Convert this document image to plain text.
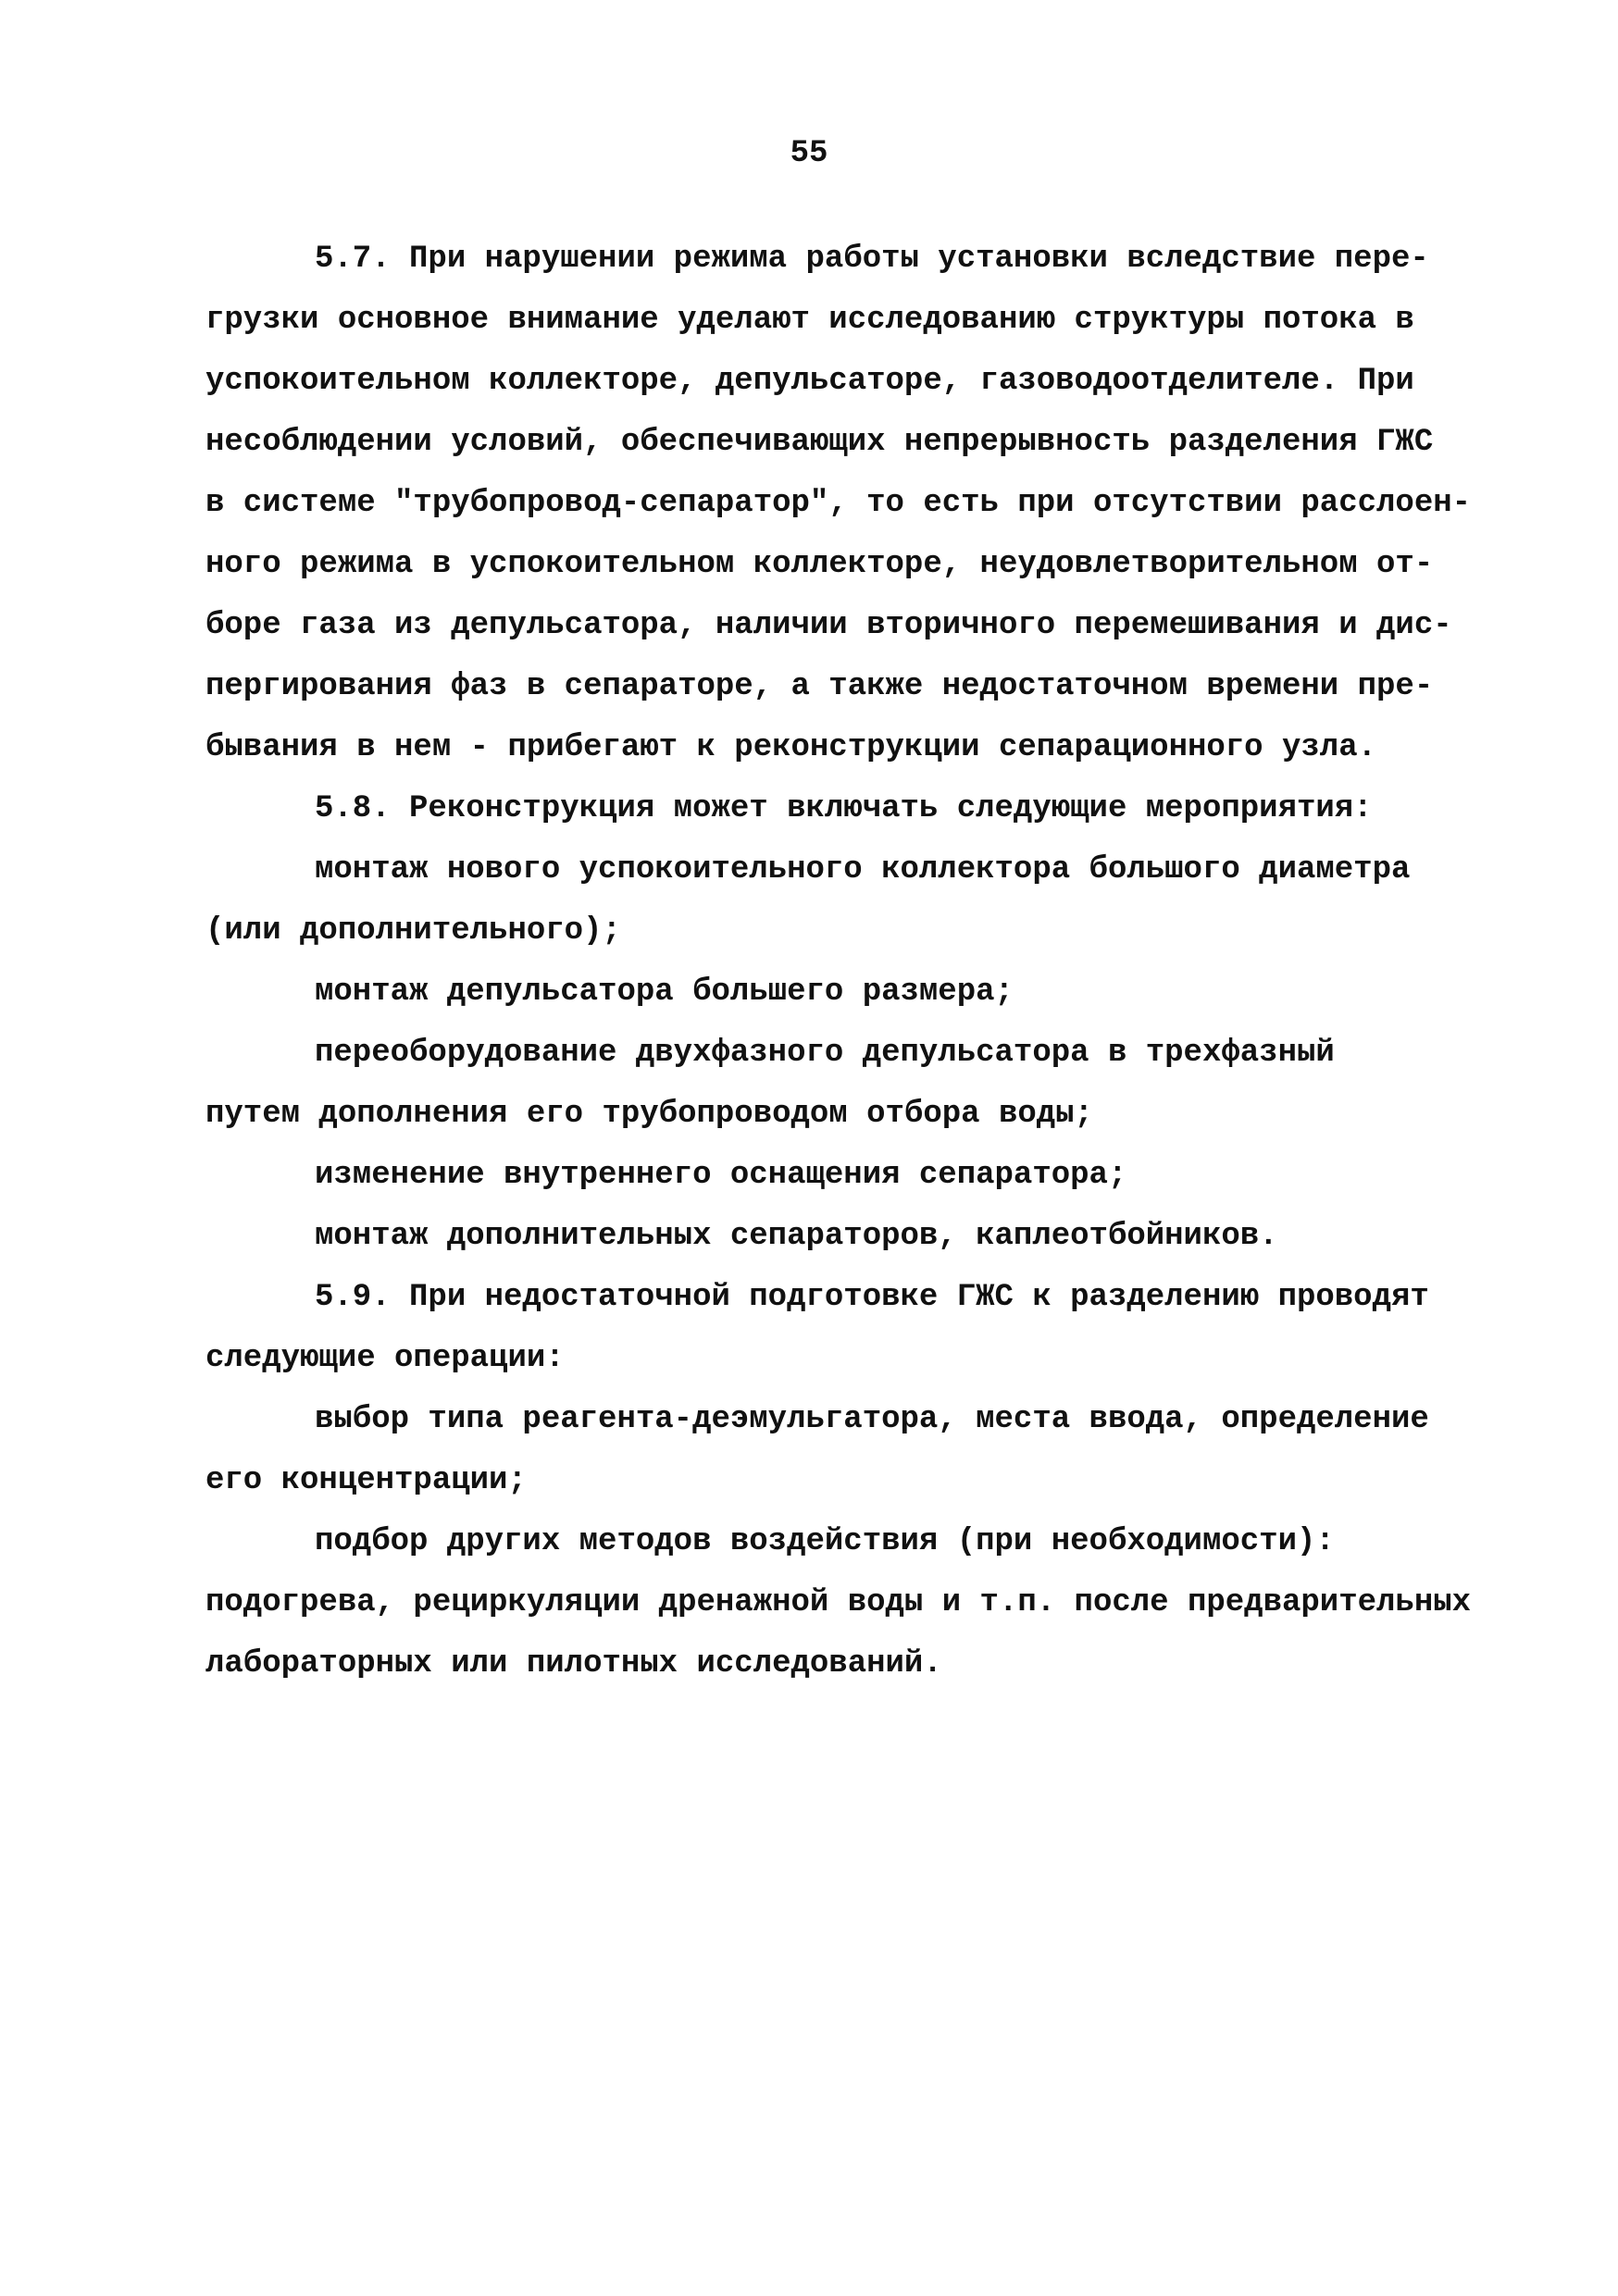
55
5.7. При нарушении режима работы установки вследствие пере-
грузки основное внимание уделают исследованию структуры потока в
успокоительном коллекторе, депульсаторе, газоводоотделителе. При
несоблюдении условий, обеспечивающих непрерывность разделения ГЖС
в системе "трубопровод-сепаратор", то есть при отсутствии расслоен-
ного режима в успокоительном коллекторе, неудовлетворительном от-
боре газа из депульсатора, наличии вторичного перемешивания и дис-
пергирования фаз в сепараторе, а также недостаточном времени пре-
бывания в нем - прибегают к реконструкции сепарационного узла.
5.8. Реконструкция может включать следующие мероприятия:
монтаж нового успокоительного коллектора большого диаметра
(или дополнительного);
монтаж депульсатора большего размера;
переоборудование двухфазного депульсатора в трехфазный
путем дополнения его трубопроводом отбора воды;
изменение внутреннего оснащения сепаратора;
монтаж дополнительных сепараторов, каплеотбойников.
5.9. При недостаточной подготовке ГЖС к разделению проводят
следующие операции:
выбор типа реагента-деэмульгатора, места ввода, определение
его концентрации;
подбор других методов воздействия (при необходимости):
подогрева, рециркуляции дренажной воды и т.п. после предварительных
лабораторных или пилотных исследований.
